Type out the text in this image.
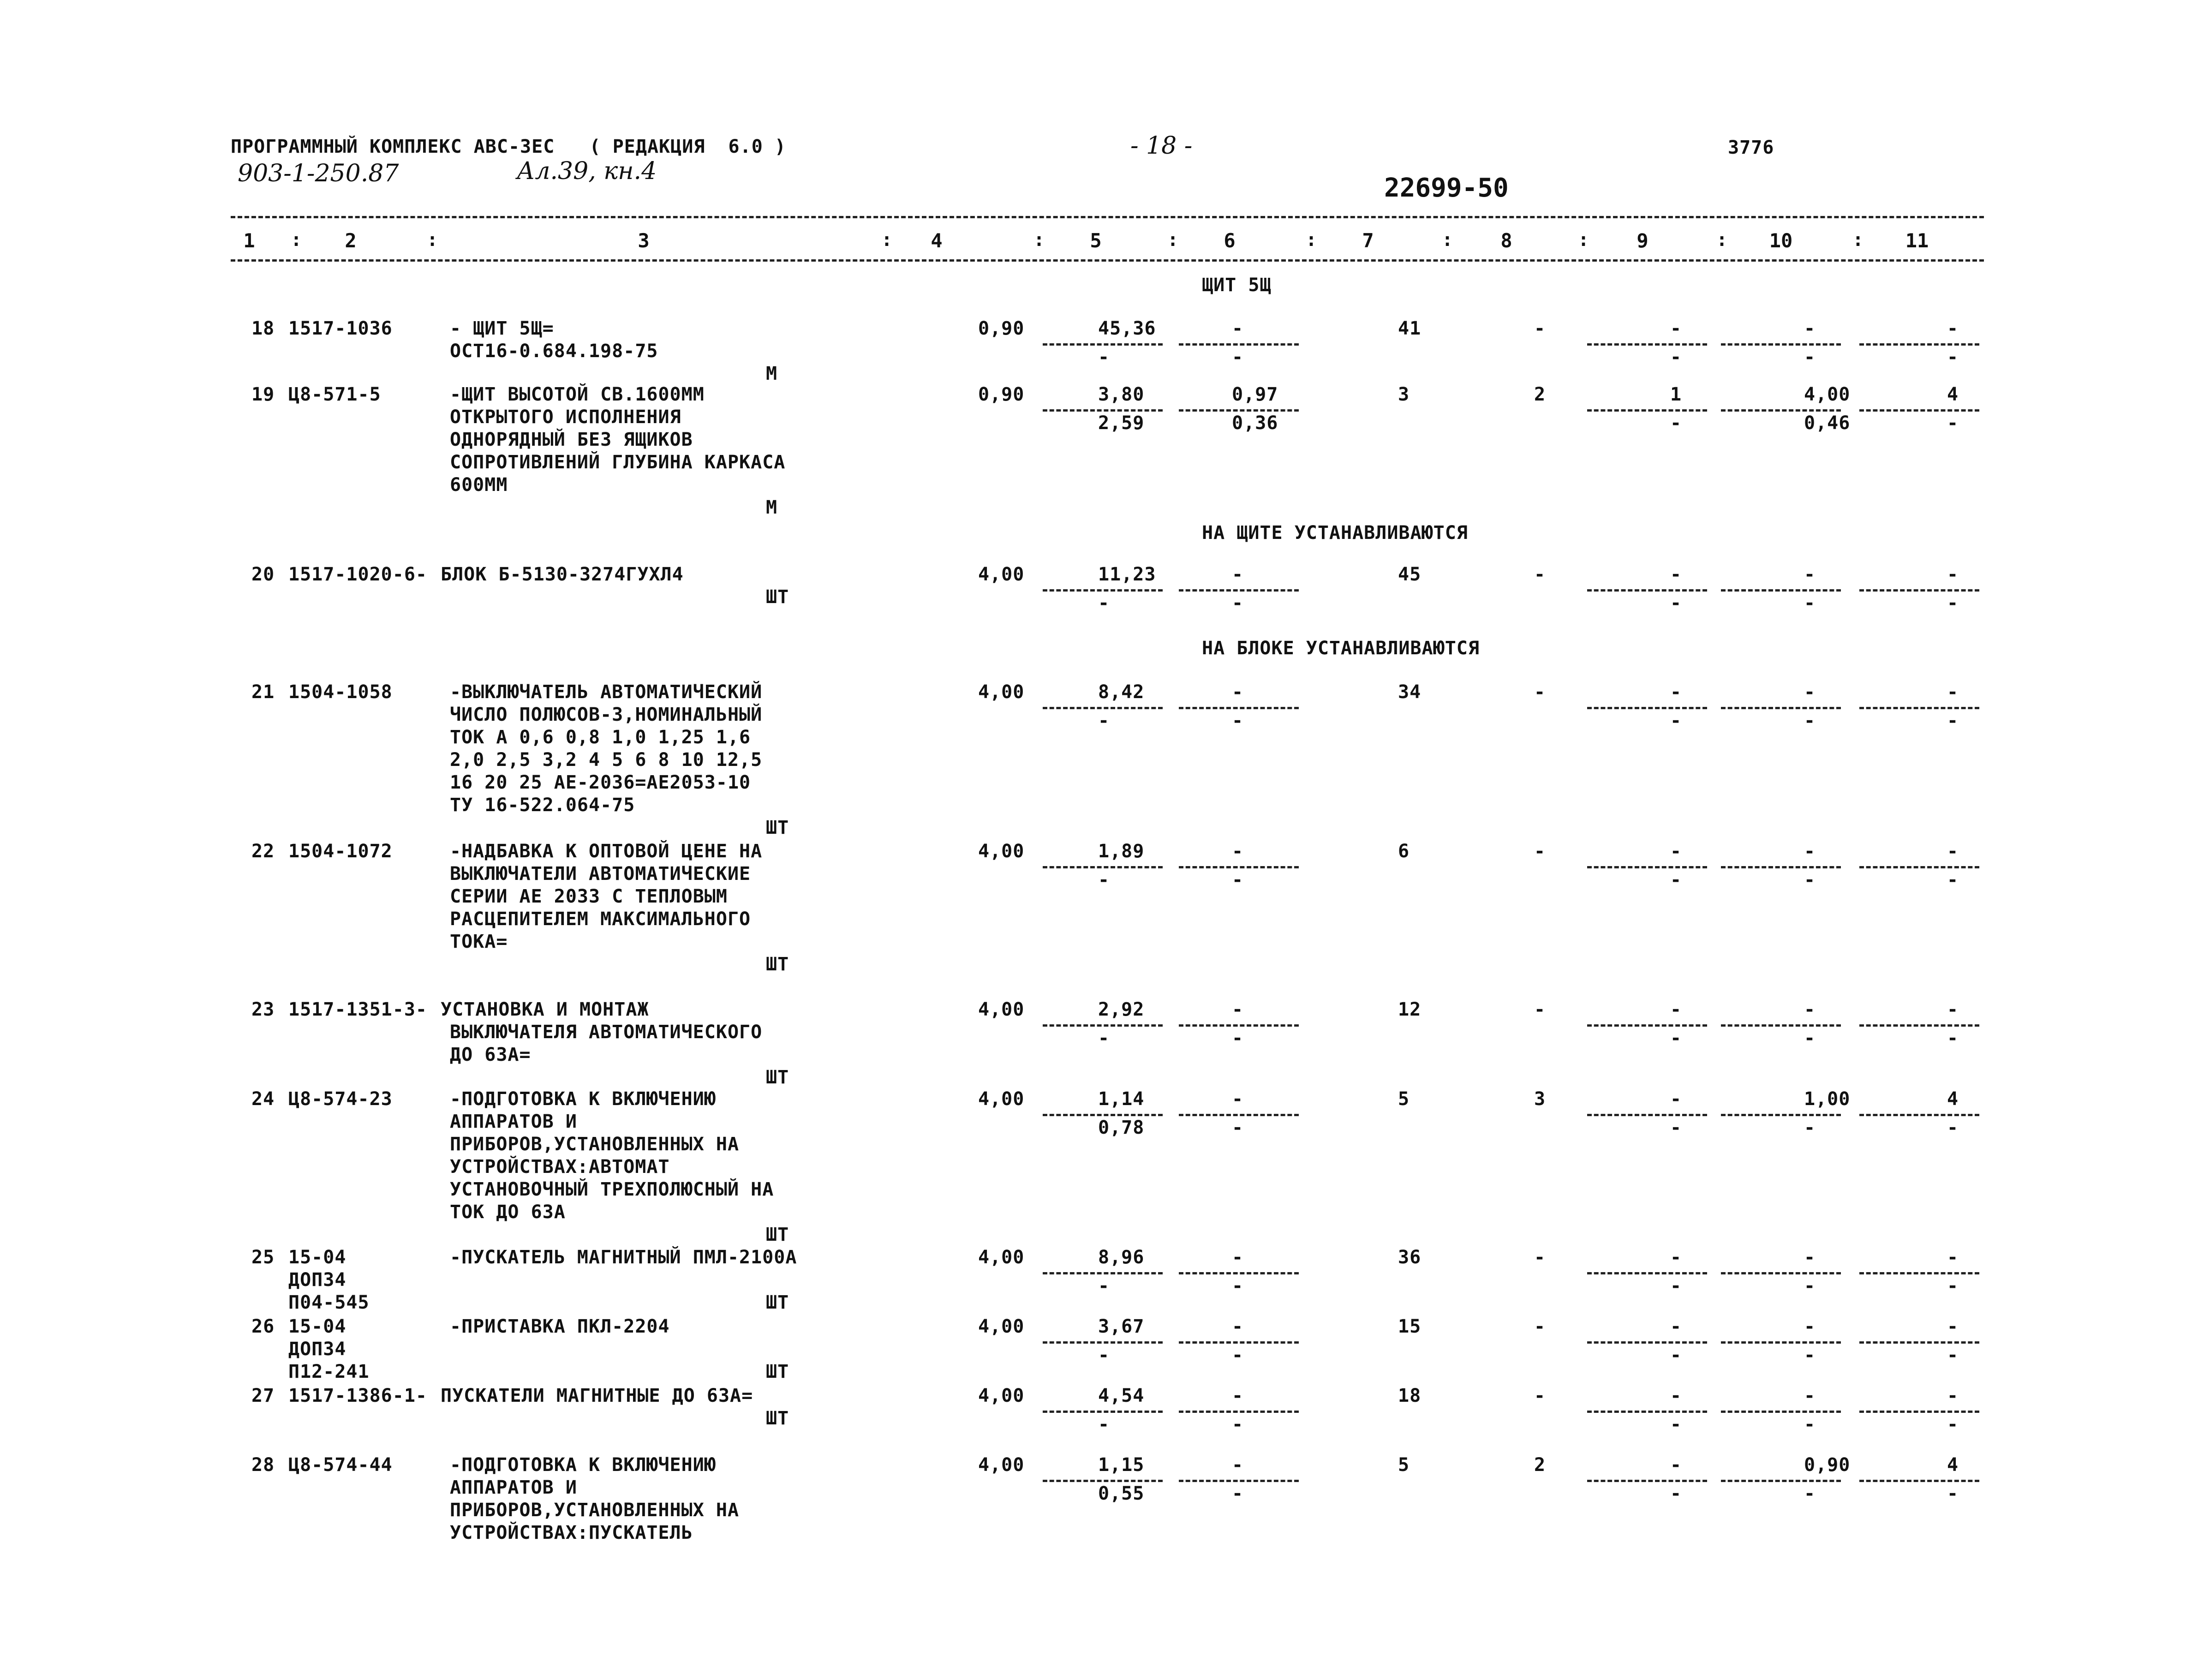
ПРОГРАММНЫЙ КОМПЛЕКС АВС-ЗЕС   ( РЕДАКЦИЯ  6.0 )	- 18 -	3776
903-1-250.87	Ал.39, кн.4
22699-50
1	2	3	4	5	6	7	8	9	10	11
:	:	:	:	:	:	:	:	:	:
ЩИТ 5Щ
НА ЩИТЕ УСТАНАВЛИВАЮТСЯ
НА БЛОКЕ УСТАНАВЛИВАЮТСЯ
18 1517-1036	- ЩИТ 5Щ=
ОСТ16-0.684.198-75
М
0,90	45,36	-	41	-	-	-	-
-	-	-	-	-
19 Ц8-571-5	-ЩИТ ВЫСОТОЙ СВ.1600ММ
ОТКРЫТОГО ИСПОЛНЕНИЯ
ОДНОРЯДНЫЙ БЕЗ ЯЩИКОВ
СОПРОТИВЛЕНИЙ ГЛУБИНА КАРКАСА
600ММ
М
0,90	3,80	0,97	3	2	1	4,00	4
2,59	0,36	-	0,46	-
20 1517-1020-6- БЛОК Б-5130-3274ГУХЛ4
ШТ
4,00	11,23	-	45	-	-	-	-
-	-	-	-	-
21 1504-1058	-ВЫКЛЮЧАТЕЛЬ АВТОМАТИЧЕСКИЙ
ЧИСЛО ПОЛЮСОВ-3,НОМИНАЛЬНЫЙ
ТОК А 0,6 0,8 1,0 1,25 1,6
2,0 2,5 3,2 4 5 6 8 10 12,5
16 20 25 АЕ-2036=АЕ2053-10
ТУ 16-522.064-75
ШТ
4,00	8,42	-	34	-	-	-	-
-	-	-	-	-
22 1504-1072	-НАДБАВКА К ОПТОВОЙ ЦЕНЕ НА
ВЫКЛЮЧАТЕЛИ АВТОМАТИЧЕСКИЕ
СЕРИИ АЕ 2033 С ТЕПЛОВЫМ
РАСЦЕПИТЕЛЕМ МАКСИМАЛЬНОГО
ТОКА=
ШТ
4,00	1,89	-	6	-	-	-	-
-	-	-	-	-
23 1517-1351-3- УСТАНОВКА И МОНТАЖ
ВЫКЛЮЧАТЕЛЯ АВТОМАТИЧЕСКОГО
ДО 63А=
ШТ
4,00	2,92	-	12	-	-	-	-
-	-	-	-	-
24 Ц8-574-23	-ПОДГОТОВКА К ВКЛЮЧЕНИЮ
АППАРАТОВ И
ПРИБОРОВ,УСТАНОВЛЕННЫХ НА
УСТРОЙСТВАХ:АВТОМАТ
УСТАНОВОЧНЫЙ ТРЕХПОЛЮСНЫЙ НА
ТОК ДО 63А
ШТ
4,00	1,14	-	5	3	-	1,00	4
0,78	-	-	-	-
25 15-04
ДОП34
П04-545
-ПУСКАТЕЛЬ МАГНИТНЫЙ ПМЛ-2100А
ШТ
4,00	8,96	-	36	-	-	-	-
-	-	-	-	-
26 15-04
ДОП34
П12-241
-ПРИСТАВКА ПКЛ-2204
ШТ
4,00	3,67	-	15	-	-	-	-
-	-	-	-	-
27 1517-1386-1- ПУСКАТЕЛИ МАГНИТНЫЕ ДО 63А=
ШТ
4,00	4,54	-	18	-	-	-	-
-	-	-	-	-
28 Ц8-574-44	-ПОДГОТОВКА К ВКЛЮЧЕНИЮ
АППАРАТОВ И
ПРИБОРОВ,УСТАНОВЛЕННЫХ НА
УСТРОЙСТВАХ:ПУСКАТЕЛЬ
4,00	1,15	-	5	2	-	0,90	4
0,55	-	-	-	-
